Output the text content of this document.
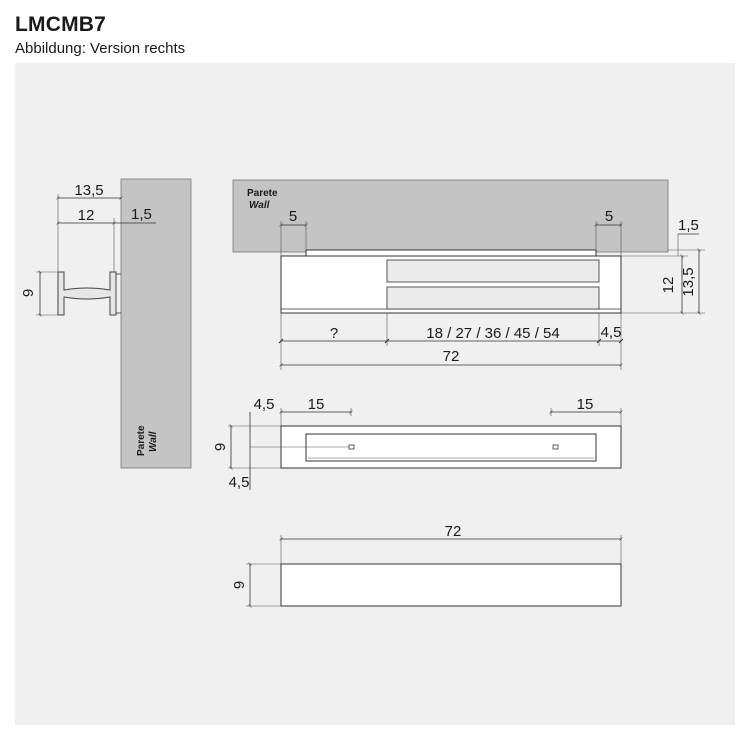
LMCMB7
Abbildung: Version rechts
Parete Wall
13,5
12 1,5
9
Parete
Wall
5	5
1,5
12 13,5
?	18 / 27 / 36 / 45 / 54	4,5
72
15	15
4,5
9
4,5
72
9
